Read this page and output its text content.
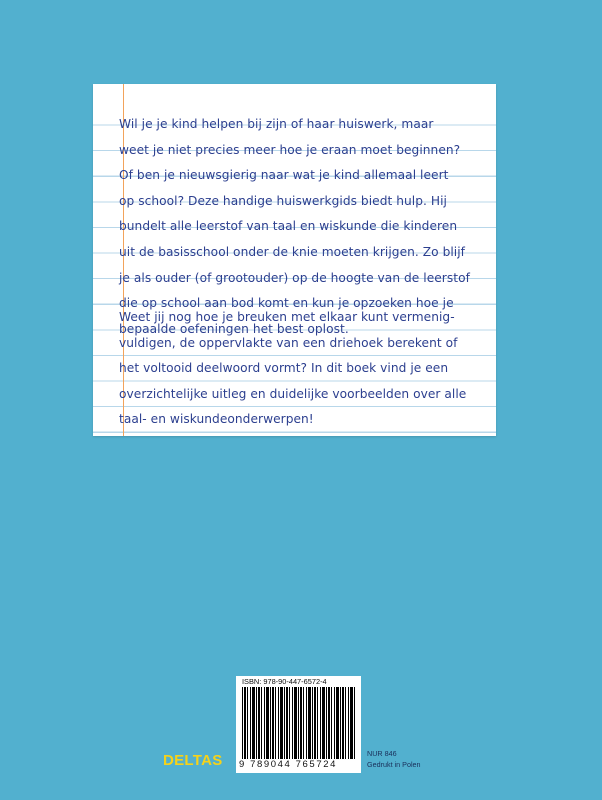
Wil je je kind helpen bij zijn of haar huiswerk, maar
weet je niet precies meer hoe je eraan moet beginnen?
Of ben je nieuwsgierig naar wat je kind allemaal leert
op school? Deze handige huiswerkgids biedt hulp. Hij
bundelt alle leerstof van taal en wiskunde die kinderen
uit de basisschool onder de knie moeten krijgen. Zo blijf
je als ouder (of grootouder) op de hoogte van de leerstof
die op school aan bod komt en kun je opzoeken hoe je
bepaalde oefeningen het best oplost.
Weet jij nog hoe je breuken met elkaar kunt vermenig-
vuldigen, de oppervlakte van een driehoek berekent of
het voltooid deelwoord vormt? In dit boek vind je een
overzichtelijke uitleg en duidelijke voorbeelden over alle
taal- en wiskundeonderwerpen!
ISBN: 978-90-447-6572-4
9 789044 765724
DELTAS	NUR 846
Gedrukt in Polen
